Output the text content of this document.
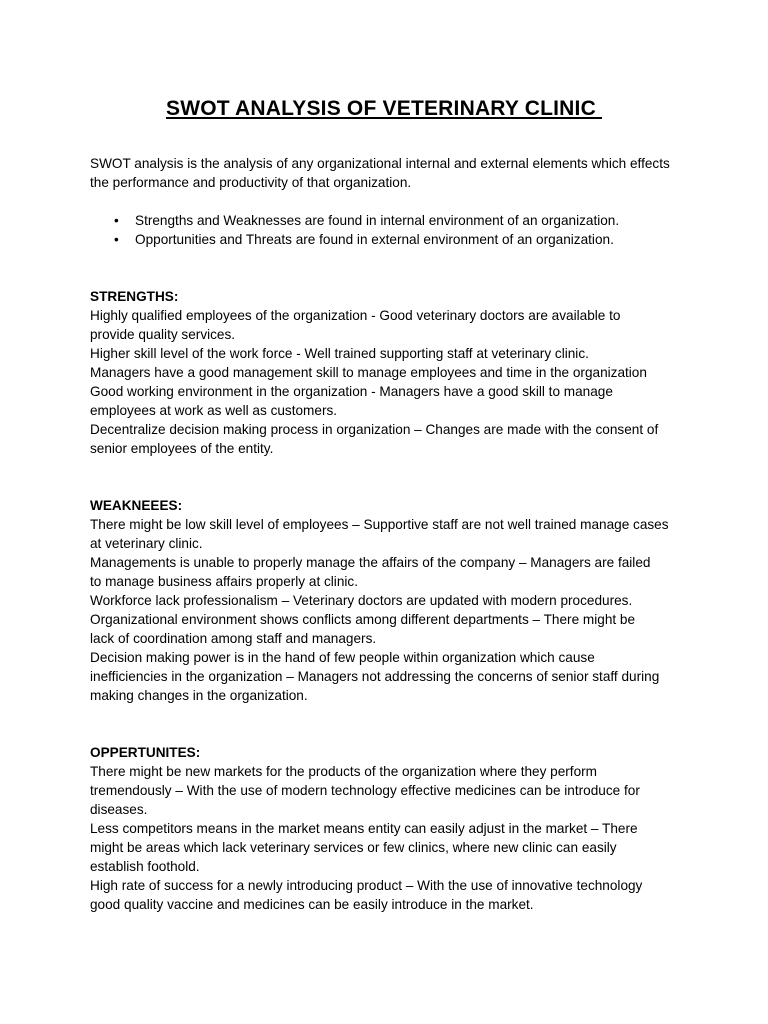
SWOT ANALYSIS OF VETERINARY CLINIC
SWOT analysis is the analysis of any organizational internal and external elements which effects
the performance and productivity of that organization.
• Strengths and Weaknesses are found in internal environment of an organization.
• Opportunities and Threats are found in external environment of an organization.
STRENGTHS:
Highly qualified employees of the organization - Good veterinary doctors are available to
provide quality services.
Higher skill level of the work force - Well trained supporting staff at veterinary clinic.
Managers have a good management skill to manage employees and time in the organization
Good working environment in the organization - Managers have a good skill to manage
employees at work as well as customers.
Decentralize decision making process in organization – Changes are made with the consent of
senior employees of the entity.
WEAKNEEES:
There might be low skill level of employees – Supportive staff are not well trained manage cases
at veterinary clinic.
Managements is unable to properly manage the affairs of the company – Managers are failed
to manage business affairs properly at clinic.
Workforce lack professionalism – Veterinary doctors are updated with modern procedures.
Organizational environment shows conflicts among different departments – There might be
lack of coordination among staff and managers.
Decision making power is in the hand of few people within organization which cause
inefficiencies in the organization – Managers not addressing the concerns of senior staff during
making changes in the organization.
OPPERTUNITES:
There might be new markets for the products of the organization where they perform
tremendously – With the use of modern technology effective medicines can be introduce for
diseases.
Less competitors means in the market means entity can easily adjust in the market – There
might be areas which lack veterinary services or few clinics, where new clinic can easily
establish foothold.
High rate of success for a newly introducing product – With the use of innovative technology
good quality vaccine and medicines can be easily introduce in the market.
